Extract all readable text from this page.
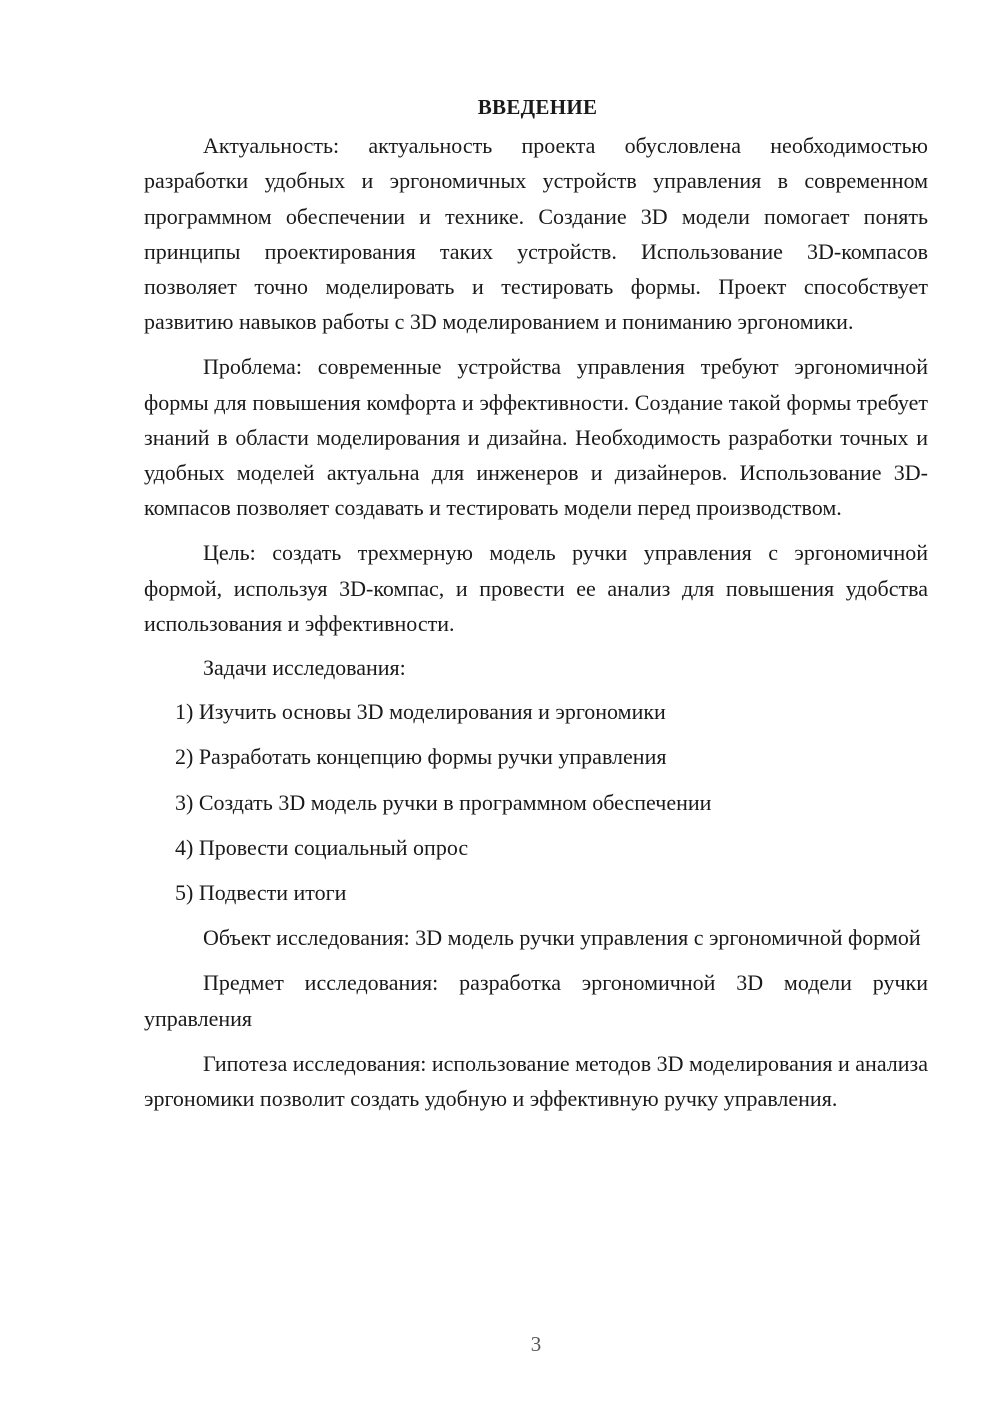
ВВЕДЕНИЕ

Актуальность: актуальность проекта обусловлена необходимостью разработки удобных и эргономичных устройств управления в современном программном обеспечении и технике. Создание 3D модели помогает понять принципы проектирования таких устройств. Использование 3D-компасов позволяет точно моделировать и тестировать формы. Проект способствует развитию навыков работы с 3D моделированием и пониманию эргономики.

Проблема: современные устройства управления требуют эргономичной формы для повышения комфорта и эффективности. Создание такой формы требует знаний в области моделирования и дизайна. Необходимость разработки точных и удобных моделей актуальна для инженеров и дизайнеров. Использование 3D-компасов позволяет создавать и тестировать модели перед производством.

Цель: создать трехмерную модель ручки управления с эргономичной формой, используя 3D-компас, и провести ее анализ для повышения удобства использования и эффективности.

Задачи исследования:
1) Изучить основы 3D моделирования и эргономики
2) Разработать концепцию формы ручки управления
3) Создать 3D модель ручки в программном обеспечении
4) Провести социальный опрос
5) Подвести итоги

Объект исследования: 3D модель ручки управления с эргономичной формой

Предмет исследования: разработка эргономичной 3D модели ручки управления

Гипотеза исследования: использование методов 3D моделирования и анализа эргономики позволит создать удобную и эффективную ручку управления.

3
